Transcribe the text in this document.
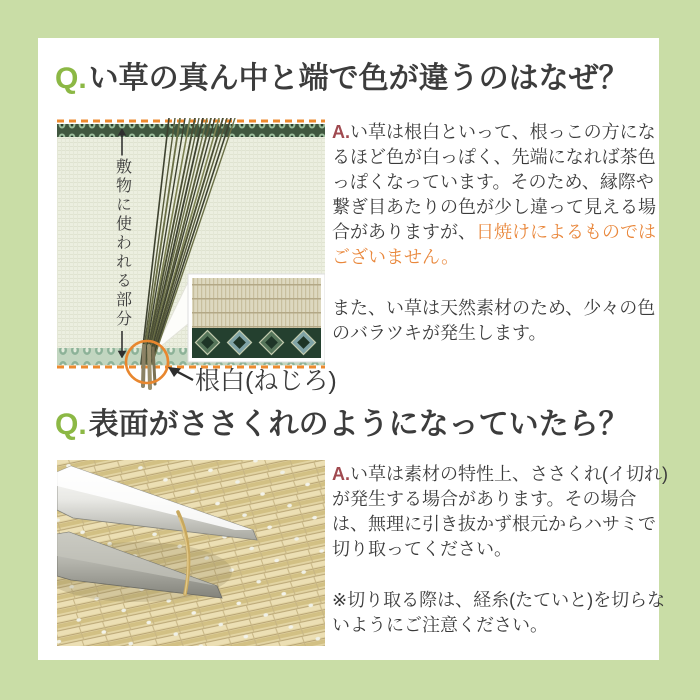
Q.い草の真ん中と端で色が違うのはなぜ？
敷物に使われる部分
根白(ねじろ)

A.い草は根白といって、根っこの方になるほど色が白っぽく、先端になれば茶色っぽくなっています。そのため、縁際や繋ぎ目あたりの色が少し違って見える場合がありますが、日焼けによるものではございません。

また、い草は天然素材のため、少々の色のバラツキが発生します。

Q.表面がささくれのようになっていたら？

A.い草は素材の特性上、ささくれ(イ切れ)が発生する場合があります。その場合は、無理に引き抜かず根元からハサミで切り取ってください。

※切り取る際は、経糸(たていと)を切らないようにご注意ください。
